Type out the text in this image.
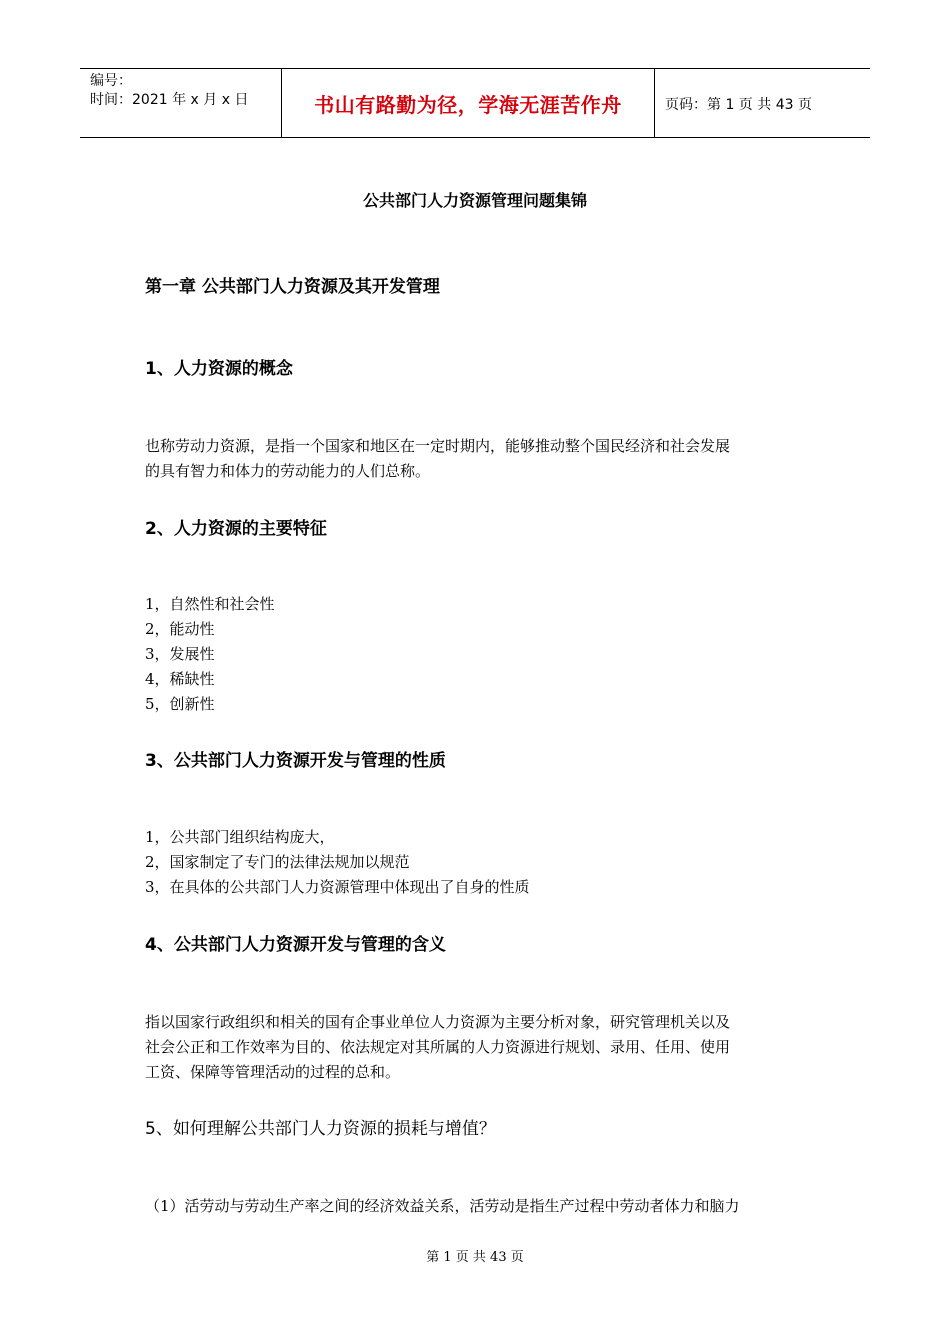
编号：
时间：2021 年 x 月 x 日	书山有路勤为径，学海无涯苦作舟	页码：第 1 页 共 43 页
公共部门人力资源管理问题集锦
第一章 公共部门人力资源及其开发管理
1、人力资源的概念
也称劳动力资源，是指一个国家和地区在一定时期内，能够推动整个国民经济和社会发展
的具有智力和体力的劳动能力的人们总称。
2、人力资源的主要特征
1，自然性和社会性
2，能动性
3，发展性
4，稀缺性
5，创新性
3、公共部门人力资源开发与管理的性质
1，公共部门组织结构庞大，
2，国家制定了专门的法律法规加以规范
3，在具体的公共部门人力资源管理中体现出了自身的性质
4、公共部门人力资源开发与管理的含义
指以国家行政组织和相关的国有企事业单位人力资源为主要分析对象，研究管理机关以及
社会公正和工作效率为目的、依法规定对其所属的人力资源进行规划、录用、任用、使用
工资、保障等管理活动的过程的总和。
5、如何理解公共部门人力资源的损耗与增值？
（1）活劳动与劳动生产率之间的经济效益关系，活劳动是指生产过程中劳动者体力和脑力
第 1 页 共 43 页
